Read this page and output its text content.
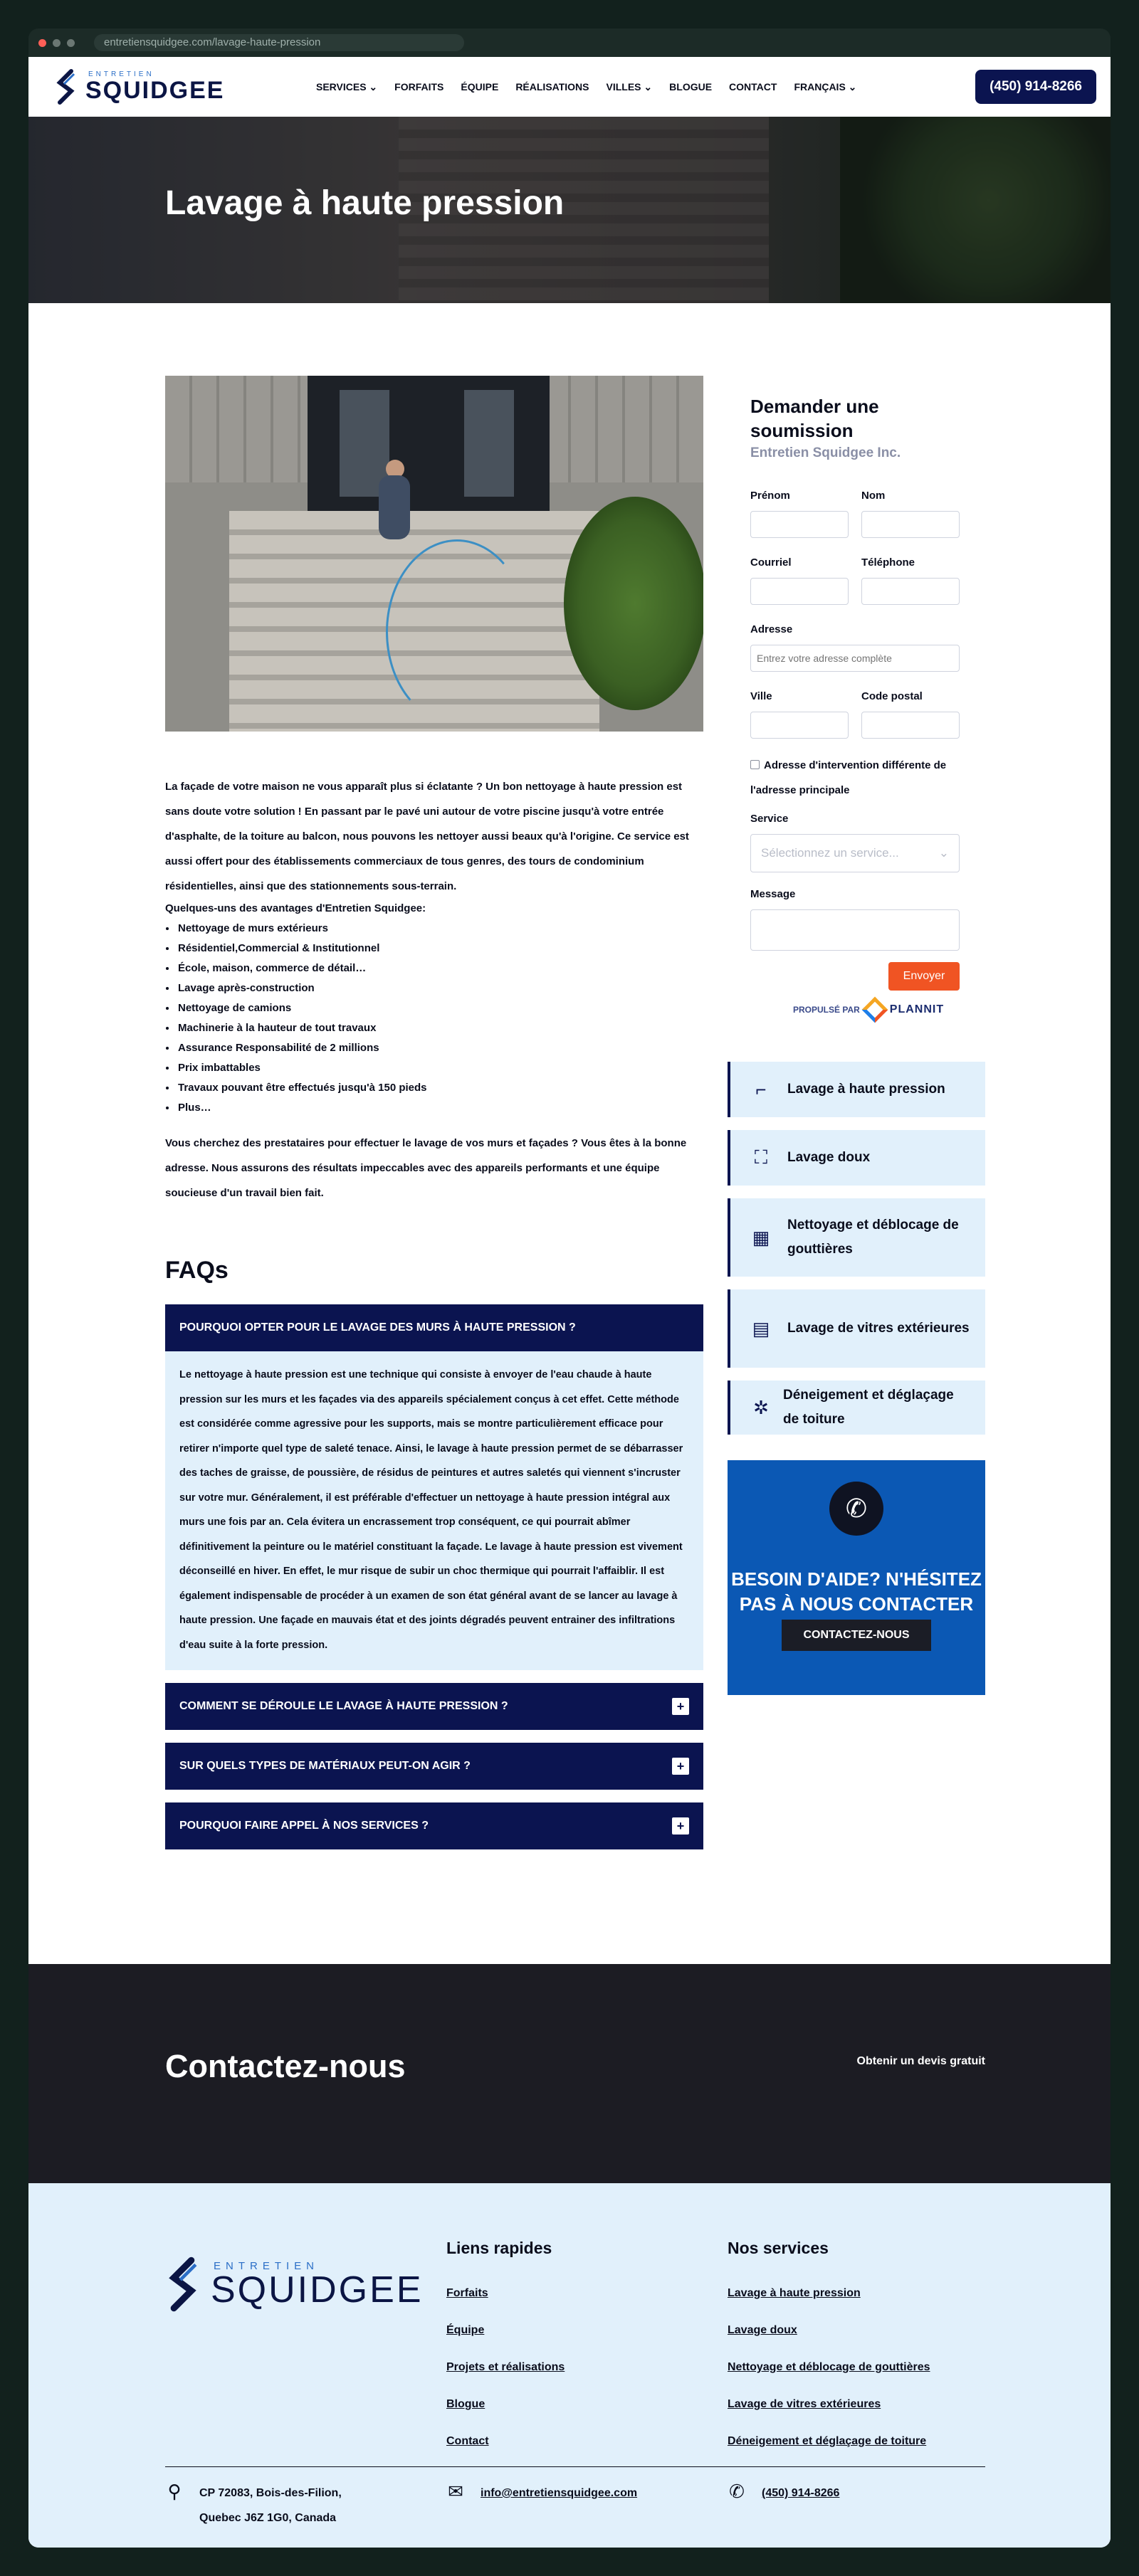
entretiensquidgee.com/lavage-haute-pression
ENTRETIEN
SQUIDGEE	SERVICES ⌄ FORFAITS ÉQUIPE RÉALISATIONS VILLES ⌄ BLOGUE CONTACT FRANÇAIS ⌄	(450) 914-8266
Lavage à haute pression

La façade de votre maison ne vous apparaît plus si éclatante ? Un bon nettoyage à haute pression est sans doute votre solution ! En passant par le pavé uni autour de votre piscine jusqu'à votre entrée d'asphalte, de la toiture au balcon, nous pouvons les nettoyer aussi beaux qu'à l'origine. Ce service est aussi offert pour des établissements commerciaux de tous genres, des tours de condominium résidentielles, ainsi que des stationnements sous-terrain.

Quelques-uns des avantages d'Entretien Squidgee:

• Nettoyage de murs extérieurs
• Résidentiel,Commercial & Institutionnel
• École, maison, commerce de détail…
• Lavage après-construction
• Nettoyage de camions
• Machinerie à la hauteur de tout travaux
• Assurance Responsabilité de 2 millions
• Prix imbattables
• Travaux pouvant être effectués jusqu'à 150 pieds
• Plus…

Vous cherchez des prestataires pour effectuer le lavage de vos murs et façades ? Vous êtes à la bonne adresse. Nous assurons des résultats impeccables avec des appareils performants et une équipe soucieuse d'un travail bien fait.

FAQs
POURQUOI OPTER POUR LE LAVAGE DES MURS À HAUTE PRESSION ?
Le nettoyage à haute pression est une technique qui consiste à envoyer de l'eau chaude à haute pression sur les murs et les façades via des appareils spécialement conçus à cet effet. Cette méthode est considérée comme agressive pour les supports, mais se montre particulièrement efficace pour retirer n'importe quel type de saleté tenace. Ainsi, le lavage à haute pression permet de se débarrasser des taches de graisse, de poussière, de résidus de peintures et autres saletés qui viennent s'incruster sur votre mur. Généralement, il est préférable d'effectuer un nettoyage à haute pression intégral aux murs une fois par an. Cela évitera un encrassement trop conséquent, ce qui pourrait abîmer définitivement la peinture ou le matériel constituant la façade. Le lavage à haute pression est vivement déconseillé en hiver. En effet, le mur risque de subir un choc thermique qui pourrait l'affaiblir. Il est également indispensable de procéder à un examen de son état général avant de se lancer au lavage à haute pression. Une façade en mauvais état et des joints dégradés peuvent entrainer des infiltrations d'eau suite à la forte pression.
COMMENT SE DÉROULE LE LAVAGE À HAUTE PRESSION ?	+
SUR QUELS TYPES DE MATÉRIAUX PEUT-ON AGIR ?	+
POURQUOI FAIRE APPEL À NOS SERVICES ?	+
Demander une soumission
Entretien Squidgee Inc.
Prénom	Nom
Courriel	Téléphone
Adresse
Entrez votre adresse complète
Ville	Code postal
Adresse d'intervention différente de l'adresse principale
Service
Sélectionnez un service...	⌄
Message
Envoyer
PROPULSÉ PAR	PLANNIT
⌐	Lavage à haute pression
⛶	Lavage doux
▦
Nettoyage et déblocage de gouttières
▤ Lavage de vitres extérieures
✲
Déneigement et déglaçage de toiture
✆
BESOIN D'AIDE? N'HÉSITEZ PAS À NOUS CONTACTER
CONTACTEZ-NOUS
Contactez-nous	Obtenir un devis gratuit
ENTRETIEN
SQUIDGEE
Liens rapides
Forfaits
Équipe
Projets et réalisations
Blogue
Contact
Nos services
Lavage à haute pression
Lavage doux
Nettoyage et déblocage de gouttières
Lavage de vitres extérieures
Déneigement et déglaçage de toiture
⚲ CP 72083, Bois-des-Filion,
Quebec J6Z 1G0, Canada
✉ info@entretiensquidgee.com	✆ (450) 914-8266
